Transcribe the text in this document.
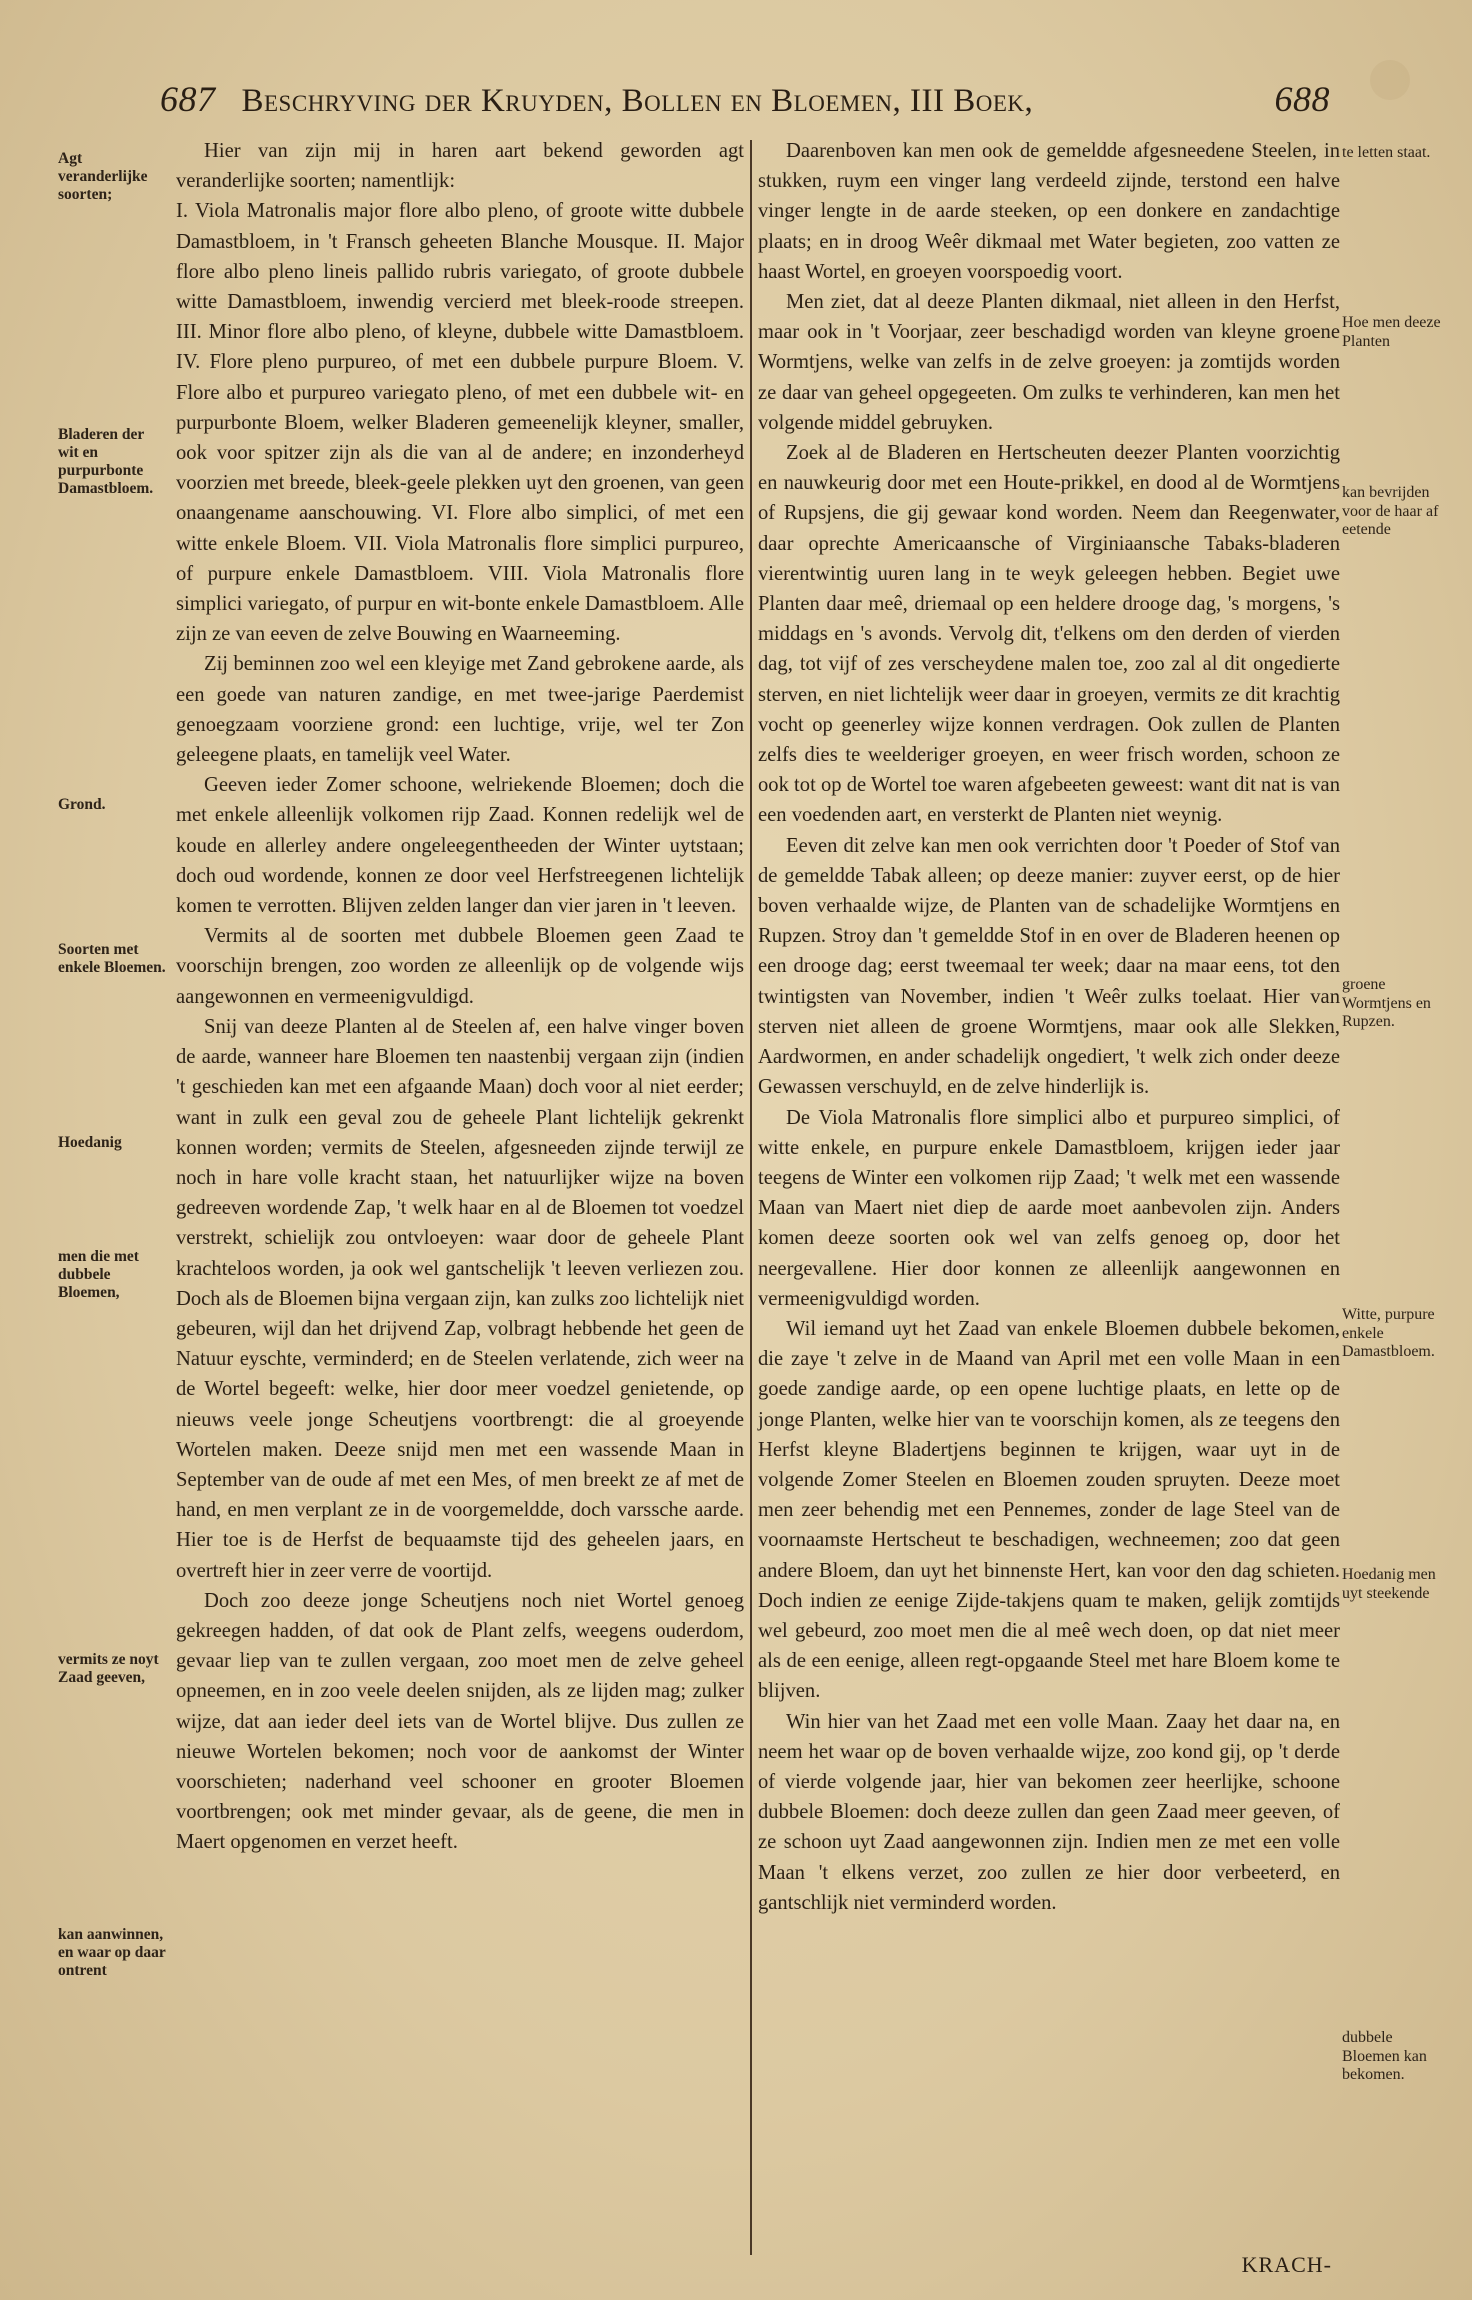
687 Beschryving der Kruyden, Bollen en Bloemen, III Boek,	688
Agt veranderlijke soorten;
Bladeren der wit en purpurbonte Damastbloem.
Grond.
Soorten met enkele Bloemen.
Hoedanig
men die met dubbele Bloemen,
vermits ze noyt Zaad geeven,
kan aanwinnen, en waar op daar ontrent

Hier van zijn mij in haren aart bekend geworden agt veranderlijke soorten; namentlijk:

I. Viola Matronalis major flore albo pleno, of groote witte dubbele Damastbloem, in 't Fransch geheeten Blanche Mousque. II. Major flore albo pleno lineis pallido rubris variegato, of groote dubbele witte Damastbloem, inwendig vercierd met bleek-roode streepen. III. Minor flore albo pleno, of kleyne, dubbele witte Damastbloem. IV. Flore pleno purpureo, of met een dubbele purpure Bloem. V. Flore albo et purpureo variegato pleno, of met een dubbele wit- en purpurbonte Bloem, welker Bladeren gemeenelijk kleyner, smaller, ook voor spitzer zijn als die van al de andere; en inzonderheyd voorzien met breede, bleek-geele plekken uyt den groenen, van geen onaangename aanschouwing. VI. Flore albo simplici, of met een witte enkele Bloem. VII. Viola Matronalis flore simplici purpureo, of purpure enkele Damastbloem. VIII. Viola Matronalis flore simplici variegato, of purpur en wit-bonte enkele Damastbloem. Alle zijn ze van eeven de zelve Bouwing en Waarneeming.

Zij beminnen zoo wel een kleyige met Zand gebrokene aarde, als een goede van naturen zandige, en met twee-jarige Paerdemist genoegzaam voorziene grond: een luchtige, vrije, wel ter Zon geleegene plaats, en tamelijk veel Water.

Geeven ieder Zomer schoone, welriekende Bloemen; doch die met enkele alleenlijk volkomen rijp Zaad. Konnen redelijk wel de koude en allerley andere ongeleegentheeden der Winter uytstaan; doch oud wordende, konnen ze door veel Herfstreegenen lichtelijk komen te verrotten. Blijven zelden langer dan vier jaren in 't leeven.

Vermits al de soorten met dubbele Bloemen geen Zaad te voorschijn brengen, zoo worden ze alleenlijk op de volgende wijs aangewonnen en vermeenigvuldigd.

Snij van deeze Planten al de Steelen af, een halve vinger boven de aarde, wanneer hare Bloemen ten naastenbij vergaan zijn (indien 't geschieden kan met een afgaande Maan) doch voor al niet eerder; want in zulk een geval zou de geheele Plant lichtelijk gekrenkt konnen worden; vermits de Steelen, afgesneeden zijnde terwijl ze noch in hare volle kracht staan, het natuurlijker wijze na boven gedreeven wordende Zap, 't welk haar en al de Bloemen tot voedzel verstrekt, schielijk zou ontvloeyen: waar door de geheele Plant krachteloos worden, ja ook wel gantschelijk 't leeven verliezen zou. Doch als de Bloemen bijna vergaan zijn, kan zulks zoo lichtelijk niet gebeuren, wijl dan het drijvend Zap, volbragt hebbende het geen de Natuur eyschte, verminderd; en de Steelen verlatende, zich weer na de Wortel begeeft: welke, hier door meer voedzel genietende, op nieuws veele jonge Scheutjens voortbrengt: die al groeyende Wortelen maken. Deeze snijd men met een wassende Maan in September van de oude af met een Mes, of men breekt ze af met de hand, en men verplant ze in de voorgemeldde, doch varssche aarde. Hier toe is de Herfst de bequaamste tijd des geheelen jaars, en overtreft hier in zeer verre de voortijd.

Doch zoo deeze jonge Scheutjens noch niet Wortel genoeg gekreegen hadden, of dat ook de Plant zelfs, weegens ouderdom, gevaar liep van te zullen vergaan, zoo moet men de zelve geheel opneemen, en in zoo veele deelen snijden, als ze lijden mag; zulker wijze, dat aan ieder deel iets van de Wortel blijve. Dus zullen ze nieuwe Wortelen bekomen; noch voor de aankomst der Winter voorschieten; naderhand veel schooner en grooter Bloemen voortbrengen; ook met minder gevaar, als de geene, die men in Maert opgenomen en verzet heeft.

Daarenboven kan men ook de gemeldde afgesneedene Steelen, in stukken, ruym een vinger lang verdeeld zijnde, terstond een halve vinger lengte in de aarde steeken, op een donkere en zandachtige plaats; en in droog Weêr dikmaal met Water begieten, zoo vatten ze haast Wortel, en groeyen voorspoedig voort.

Men ziet, dat al deeze Planten dikmaal, niet alleen in den Herfst, maar ook in 't Voorjaar, zeer beschadigd worden van kleyne groene Wormtjens, welke van zelfs in de zelve groeyen: ja zomtijds worden ze daar van geheel opgegeeten. Om zulks te verhinderen, kan men het volgende middel gebruyken.

Zoek al de Bladeren en Hertscheuten deezer Planten voorzichtig en nauwkeurig door met een Houte-prikkel, en dood al de Wormtjens of Rupsjens, die gij gewaar kond worden. Neem dan Reegenwater, daar oprechte Americaansche of Virginiaansche Tabaks-bladeren vierentwintig uuren lang in te weyk geleegen hebben. Begiet uwe Planten daar meê, driemaal op een heldere drooge dag, 's morgens, 's middags en 's avonds. Vervolg dit, t'elkens om den derden of vierden dag, tot vijf of zes verscheydene malen toe, zoo zal al dit ongedierte sterven, en niet lichtelijk weer daar in groeyen, vermits ze dit krachtig vocht op geenerley wijze konnen verdragen. Ook zullen de Planten zelfs dies te weelderiger groeyen, en weer frisch worden, schoon ze ook tot op de Wortel toe waren afgebeeten geweest: want dit nat is van een voedenden aart, en versterkt de Planten niet weynig.

Eeven dit zelve kan men ook verrichten door 't Poeder of Stof van de gemeldde Tabak alleen; op deeze manier: zuyver eerst, op de hier boven verhaalde wijze, de Planten van de schadelijke Wormtjens en Rupzen. Stroy dan 't gemeldde Stof in en over de Bladeren heenen op een drooge dag; eerst tweemaal ter week; daar na maar eens, tot den twintigsten van November, indien 't Weêr zulks toelaat. Hier van sterven niet alleen de groene Wormtjens, maar ook alle Slekken, Aardwormen, en ander schadelijk ongediert, 't welk zich onder deeze Gewassen verschuyld, en de zelve hinderlijk is.

De Viola Matronalis flore simplici albo et purpureo simplici, of witte enkele, en purpure enkele Damastbloem, krijgen ieder jaar teegens de Winter een volkomen rijp Zaad; 't welk met een wassende Maan van Maert niet diep de aarde moet aanbevolen zijn. Anders komen deeze soorten ook wel van zelfs genoeg op, door het neergevallene. Hier door konnen ze alleenlijk aangewonnen en vermeenigvuldigd worden.

Wil iemand uyt het Zaad van enkele Bloemen dubbele bekomen, die zaye 't zelve in de Maand van April met een volle Maan in een goede zandige aarde, op een opene luchtige plaats, en lette op de jonge Planten, welke hier van te voorschijn komen, als ze teegens den Herfst kleyne Bladertjens beginnen te krijgen, waar uyt in de volgende Zomer Steelen en Bloemen zouden spruyten. Deeze moet men zeer behendig met een Pennemes, zonder de lage Steel van de voornaamste Hertscheut te beschadigen, wechneemen; zoo dat geen andere Bloem, dan uyt het binnenste Hert, kan voor den dag schieten. Doch indien ze eenige Zijde-takjens quam te maken, gelijk zomtijds wel gebeurd, zoo moet men die al meê wech doen, op dat niet meer als de een eenige, alleen regt-opgaande Steel met hare Bloem kome te blijven.

Win hier van het Zaad met een volle Maan. Zaay het daar na, en neem het waar op de boven verhaalde wijze, zoo kond gij, op 't derde of vierde volgende jaar, hier van bekomen zeer heerlijke, schoone dubbele Bloemen: doch deeze zullen dan geen Zaad meer geeven, of ze schoon uyt Zaad aangewonnen zijn. Indien men ze met een volle Maan 't elkens verzet, zoo zullen ze hier door verbeeterd, en gantschlijk niet verminderd worden.

te letten staat.
Hoe men deeze Planten
kan bevrijden voor de haar af eetende
groene Wormtjens en Rupzen.
Witte, purpure enkele Damastbloem.
Hoedanig men uyt steekende
dubbele Bloemen kan bekomen.
KRACH-
